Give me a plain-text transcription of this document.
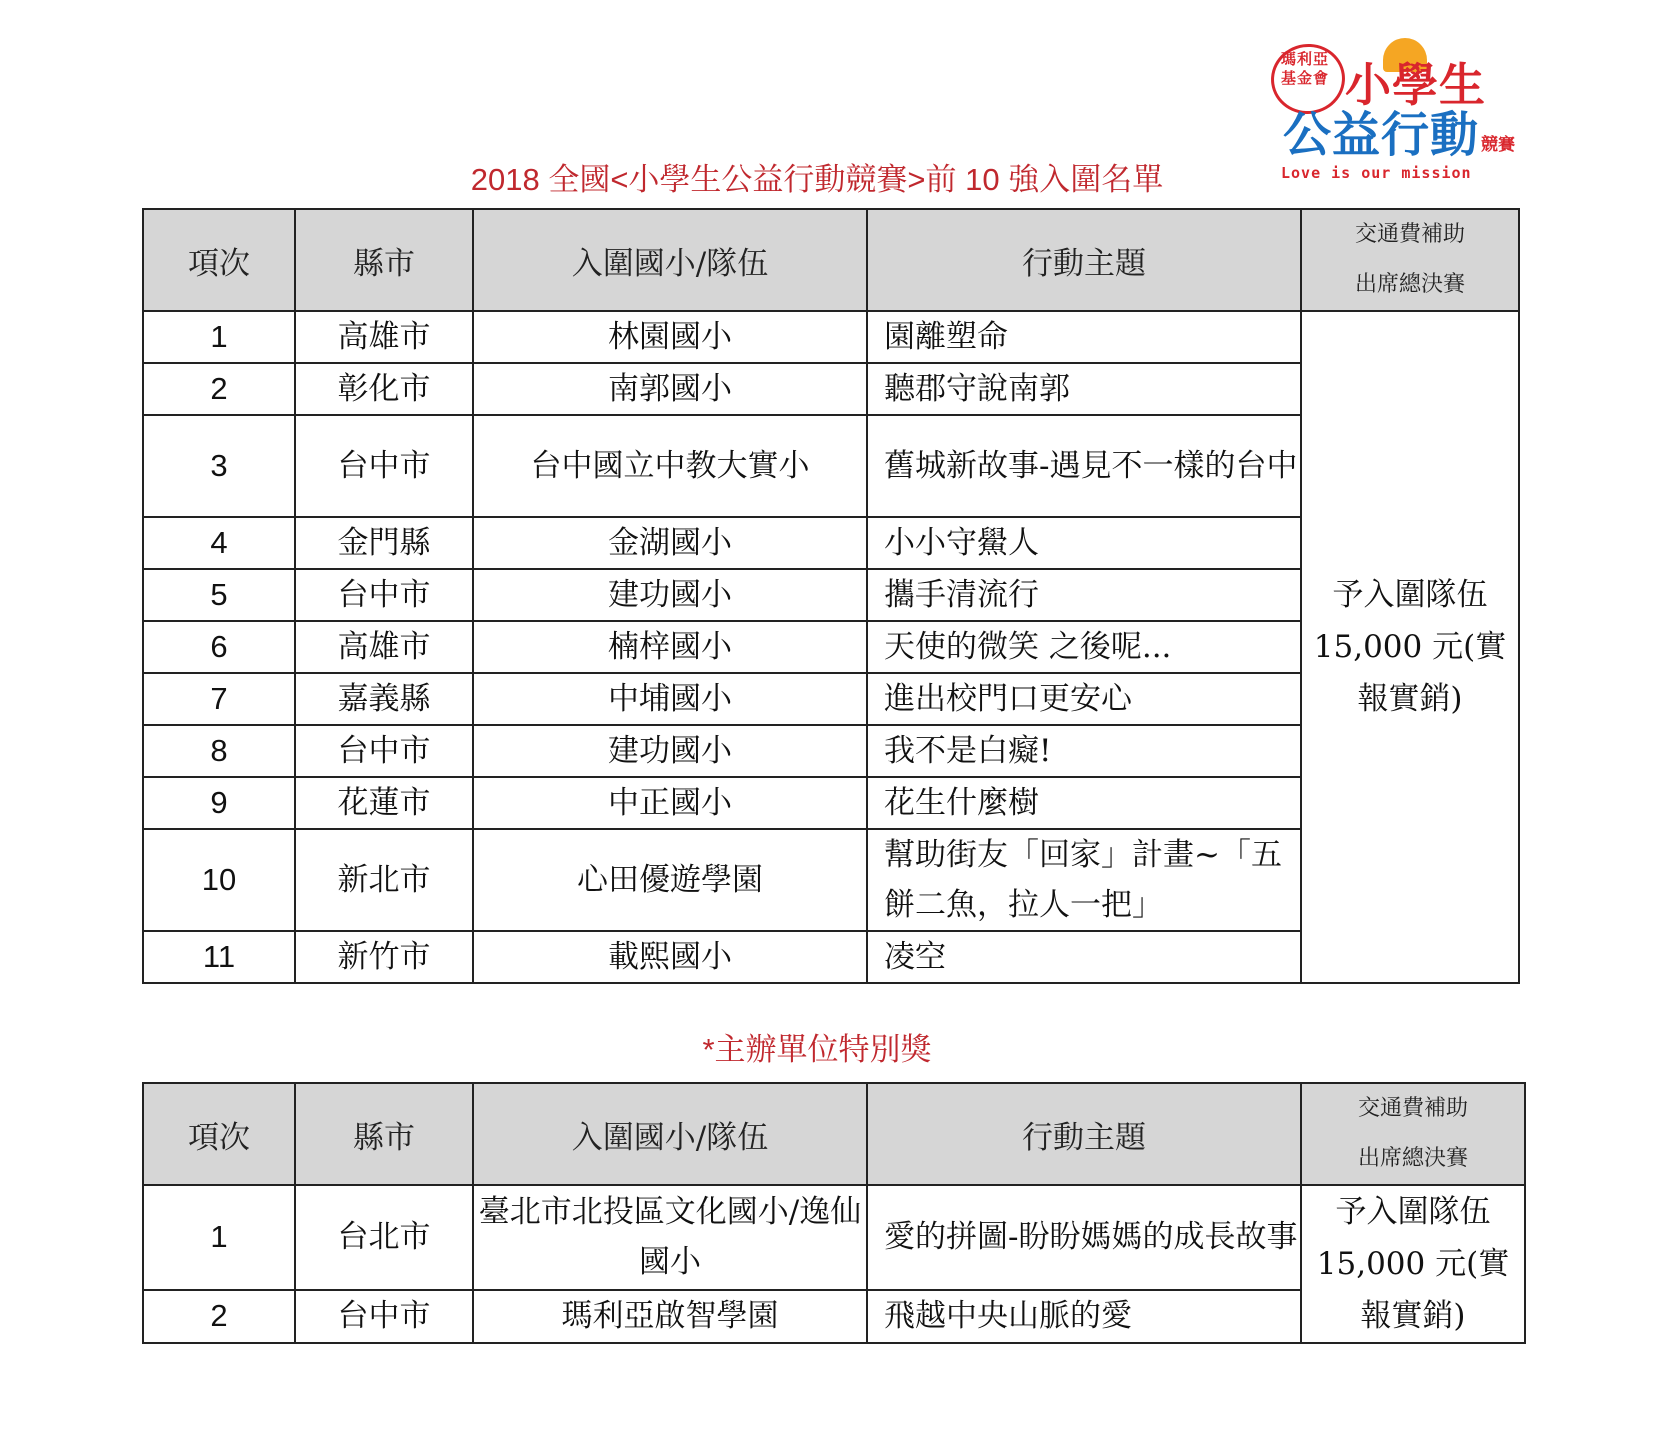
瑪利亞基金會 小學生
公益行動 競賽
Love is our mission
2018 全國<小學生公益行動競賽>前 10 強入圍名單
項次	縣市	入圍國小/隊伍	行動主題	交通費補助
出席總決賽

1	高雄市	林園國小	園離塑命	予入圍隊伍15,000 元(實報實銷)
2	彰化市	南郭國小	聽郡守說南郭	
3	台中市	台中國立中教大實小	舊城新故事-遇見不一樣的台中	
4	金門縣	金湖國小	小小守鱟人	
5	台中市	建功國小	攜手清流行	
6	高雄市	楠梓國小	天使的微笑 之後呢...	
7	嘉義縣	中埔國小	進出校門口更安心	
8	台中市	建功國小	我不是白癡!	
9	花蓮市	中正國小	花生什麼樹	
10	新北市	心田優遊學園	幫助街友「回家」計畫~「五餅二魚，拉人一把」	
11	新竹市	載熙國小	凌空	
*主辦單位特別獎
項次	縣市	入圍國小/隊伍	行動主題	交通費補助
出席總決賽

1	台北市	臺北市北投區文化國小/逸仙國小	愛的拼圖-盼盼媽媽的成長故事	予入圍隊伍15,000 元(實報實銷)
2	台中市	瑪利亞啟智學園	飛越中央山脈的愛	
